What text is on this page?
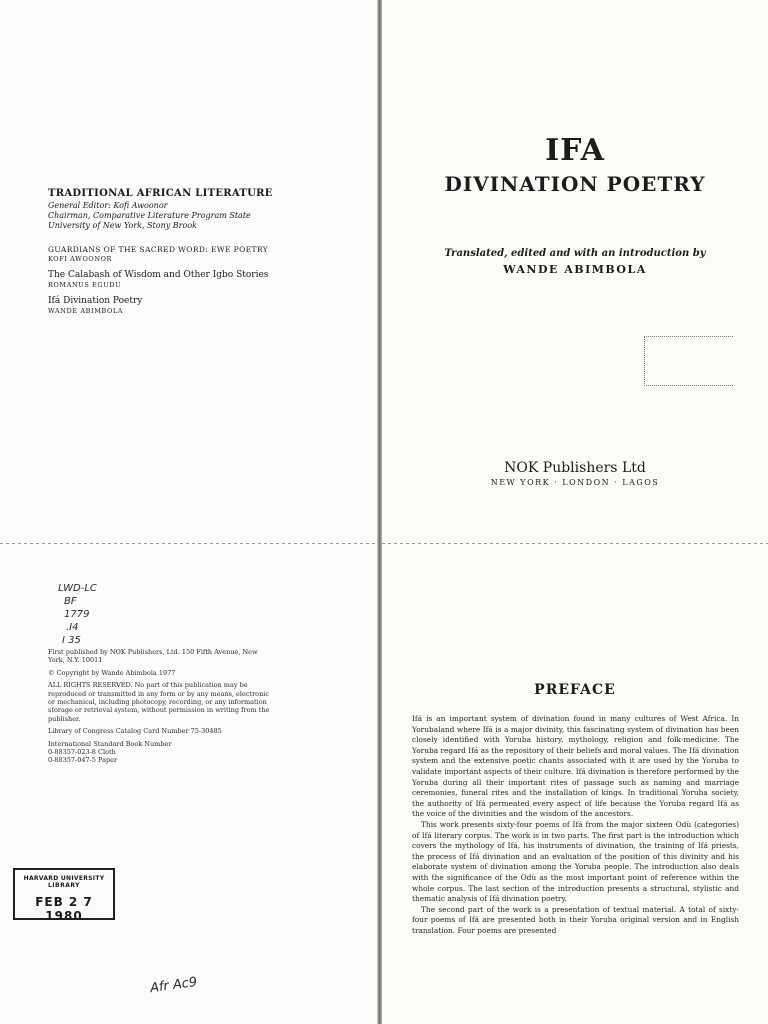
TRADITIONAL AFRICAN LITERATURE
General Editor: Kofi Awoonor
Chairman, Comparative Literature Program State University of New York, Stony Brook
GUARDIANS OF THE SACRED WORD: EWE POETRY
KOFI AWOONOR
The Calabash of Wisdom and Other Igbo Stories
ROMANUS EGUDU
Ifá Divination Poetry
WANDE ABIMBOLA
LWD-LC
BF
1779
.I4
I 35

First published by NOK Publishers, Ltd. 150 Fifth Avenue, New York, N.Y. 10011

© Copyright by Wande Abimbola 1977

ALL RIGHTS RESERVED. No part of this publication may be reproduced or transmitted in any form or by any means, electronic or mechanical, including photocopy, recording, or any information storage or retrieval system, without permission in writing from the publisher.

Library of Congress Catalog Card Number 75-30485

International Standard Book Number

0-88357-023-8 Cloth
0-88357-047-5 Paper
HARVARD UNIVERSITY
LIBRARY
FEB 2 7 1980
Afr Ac9
IFA
DIVINATION POETRY
Translated, edited and with an introduction by
WANDE ABIMBOLA
NOK Publishers Ltd
NEW YORK · LONDON · LAGOS
PREFACE

Ifá is an important system of divination found in many cultures of West Africa. In Yorubaland where Ifá is a major divinity, this fascinating system of divination has been closely identified with Yoruba history, mythology, religion and folk-medicine. The Yoruba regard Ifá as the repository of their beliefs and moral values. The Ifá divination system and the extensive poetic chants associated with it are used by the Yoruba to validate important aspects of their culture. Ifá divination is therefore performed by the Yoruba during all their important rites of passage such as naming and marriage ceremonies, funeral rites and the installation of kings. In traditional Yoruba society, the authority of Ifá permeated every aspect of life because the Yoruba regard Ifá as the voice of the divinities and the wisdom of the ancestors.

This work presents sixty-four poems of Ifá from the major sixteen Odù (categories) of Ifá literary corpus. The work is in two parts. The first part is the introduction which covers the mythology of Ifá, his instruments of divination, the training of Ifá priests, the process of Ifá divination and an evaluation of the position of this divinity and his elaborate system of divination among the Yoruba people. The introduction also deals with the significance of the Odù as the most important point of reference within the whole corpus. The last section of the introduction presents a structural, stylistic and thematic analysis of Ifá divination poetry.

The second part of the work is a presentation of textual material. A total of sixty-four poems of Ifá are presented both in their Yoruba original version and in English translation. Four poems are presented
